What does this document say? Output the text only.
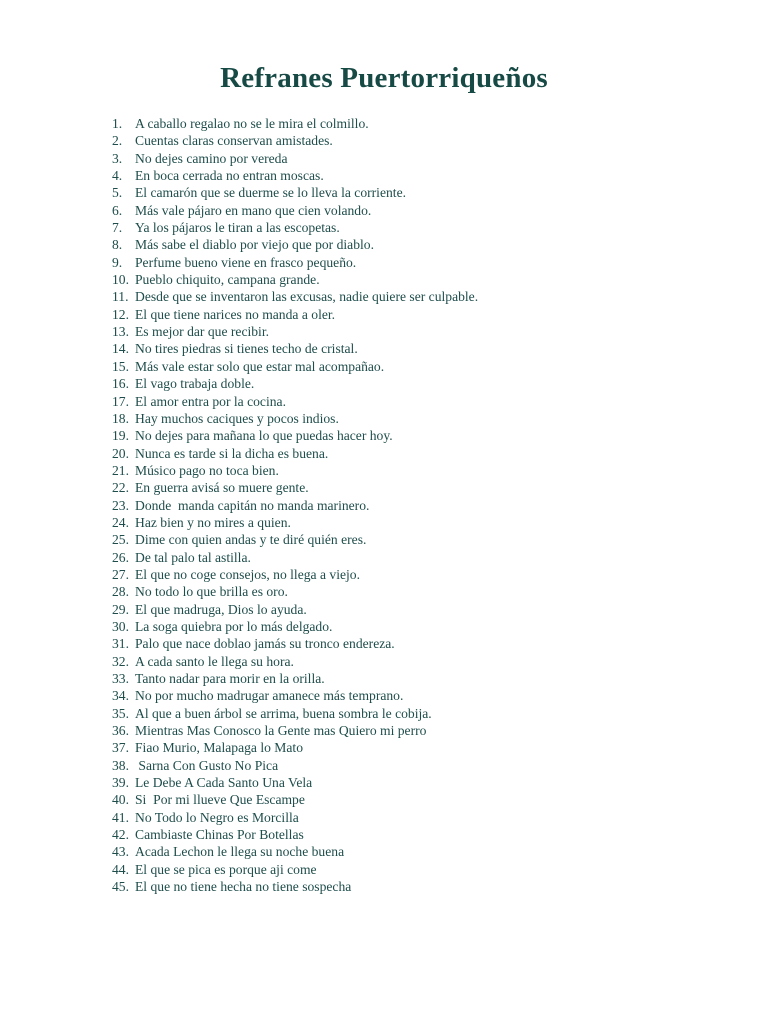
Refranes Puertorriqueños
1. A caballo regalao no se le mira el colmillo.
2. Cuentas claras conservan amistades.
3. No dejes camino por vereda
4. En boca cerrada no entran moscas.
5. El camarón que se duerme se lo lleva la corriente.
6. Más vale pájaro en mano que cien volando.
7. Ya los pájaros le tiran a las escopetas.
8. Más sabe el diablo por viejo que por diablo.
9. Perfume bueno viene en frasco pequeño.
10. Pueblo chiquito, campana grande.
11. Desde que se inventaron las excusas, nadie quiere ser culpable.
12. El que tiene narices no manda a oler.
13. Es mejor dar que recibir.
14. No tires piedras si tienes techo de cristal.
15. Más vale estar solo que estar mal acompañao.
16. El vago trabaja doble.
17. El amor entra por la cocina.
18. Hay muchos caciques y pocos indios.
19. No dejes para mañana lo que puedas hacer hoy.
20. Nunca es tarde si la dicha es buena.
21. Músico pago no toca bien.
22. En guerra avisá so muere gente.
23. Donde  manda capitán no manda marinero.
24. Haz bien y no mires a quien.
25. Dime con quien andas y te diré quién eres.
26. De tal palo tal astilla.
27. El que no coge consejos, no llega a viejo.
28. No todo lo que brilla es oro.
29. El que madruga, Dios lo ayuda.
30. La soga quiebra por lo más delgado.
31. Palo que nace doblao jamás su tronco endereza.
32. A cada santo le llega su hora.
33. Tanto nadar para morir en la orilla.
34. No por mucho madrugar amanece más temprano.
35. Al que a buen árbol se arrima, buena sombra le cobija.
36. Mientras Mas Conosco la Gente mas Quiero mi perro
37. Fiao Murio, Malapaga lo Mato
38. Sarna Con Gusto No Pica
39. Le Debe A Cada Santo Una Vela
40. Si  Por mi llueve Que Escampe
41. No Todo lo Negro es Morcilla
42. Cambiaste Chinas Por Botellas
43. Acada Lechon le llega su noche buena
44. El que se pica es porque aji come
45. El que no tiene hecha no tiene sospecha
